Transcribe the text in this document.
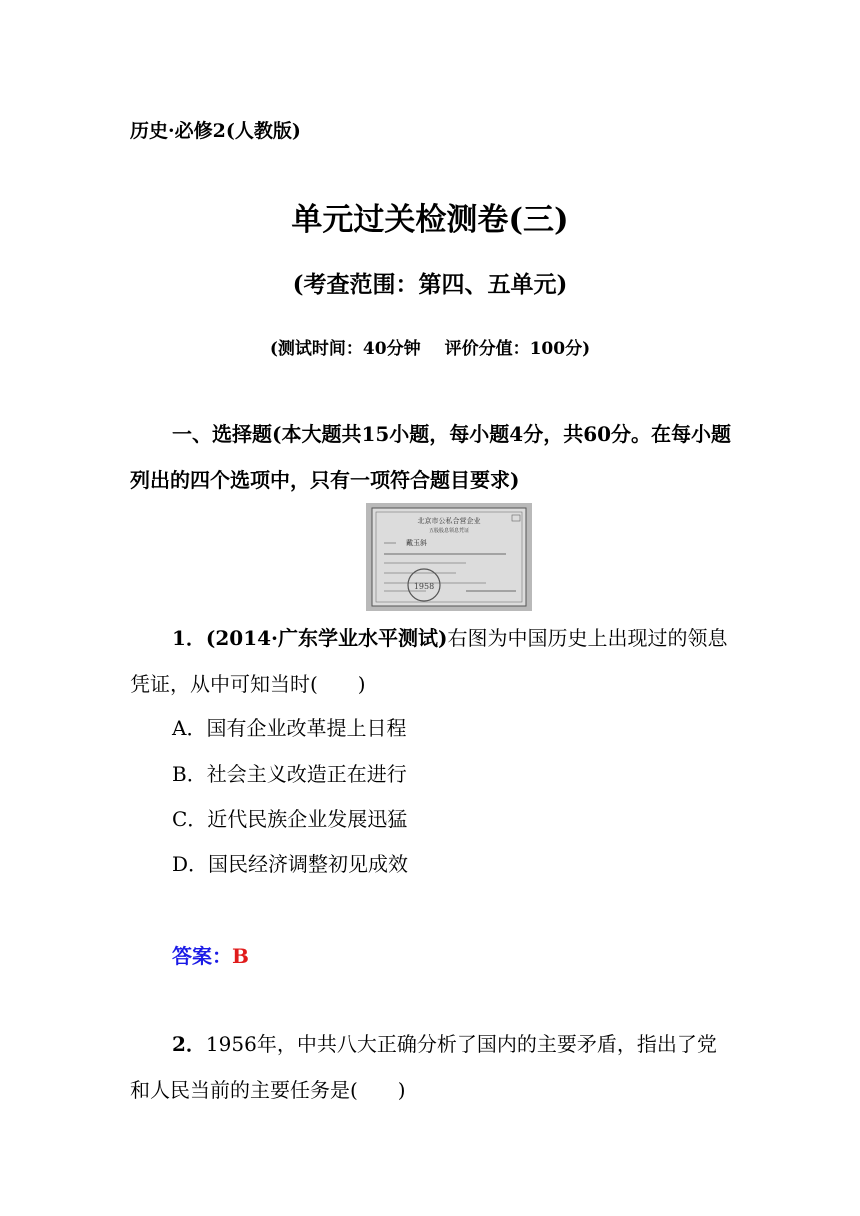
历史·必修2(人教版)
单元过关检测卷(三)
(考查范围：第四、五单元)
(测试时间：40分钟 评价分值：100分)
一、选择题(本大题共15小题，每小题4分，共60分。在每小题列出的四个选项中，只有一项符合题目要求)
北京市公私合营企业
五股股息领息凭证
戴玉斜
1958
1．(2014·广东学业水平测试)右图为中国历史上出现过的领息凭证，从中可知当时(　　)
A．国有企业改革提上日程
B．社会主义改造正在进行
C．近代民族企业发展迅猛
D．国民经济调整初见成效
答案：B
2．1956年，中共八大正确分析了国内的主要矛盾，指出了党和人民当前的主要任务是(　　)
